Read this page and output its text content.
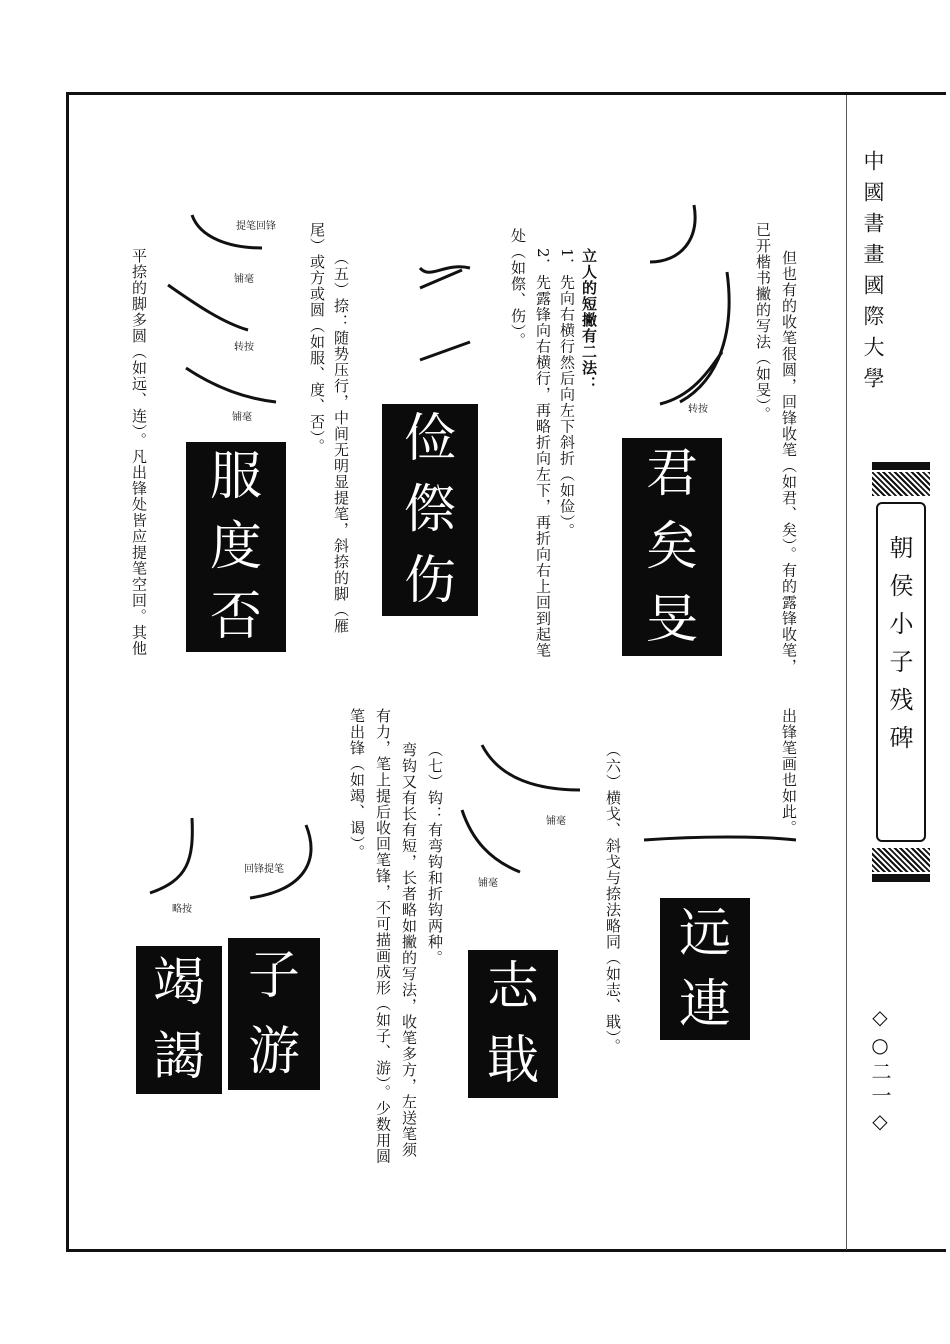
中國書畫國際大學
朝侯小子残碑
◇○二一◇
但也有的收笔很圆，回锋收笔（如君、矣）。有的露锋收笔，
已开楷书撇的写法（如旻）。
立人的短撇有二法：
1．先向右横行然后向左下斜折（如俭）。
2．先露锋向右横行，再略折向左下，再折向右上回到起笔
处（如傺、伤）。
（五）捺：随势压行，中间无明显提笔，斜捺的脚（雁
尾）或方或圆（如服、度、否）。
平捺的脚多圆（如远、连）。凡出锋处皆应提笔空回。其他
出锋笔画也如此。
（六）横戈、斜戈与捺法略同（如志、戢）。
（七）钩：有弯钩和折钩两种。
弯钩又有长有短，长者略如撇的写法，收笔多方，左送笔须
有力，笔上提后收回笔锋，不可描画成形（如子、游）。少数用圆
笔出锋（如竭、谒）。
提笔回锋
铺毫
转按
铺毫
转按
铺毫
铺毫
回锋提笔
略按
君
矣
旻
俭
傺
伤
服
度
否
远
連
志
戢
子
游
竭
謁
